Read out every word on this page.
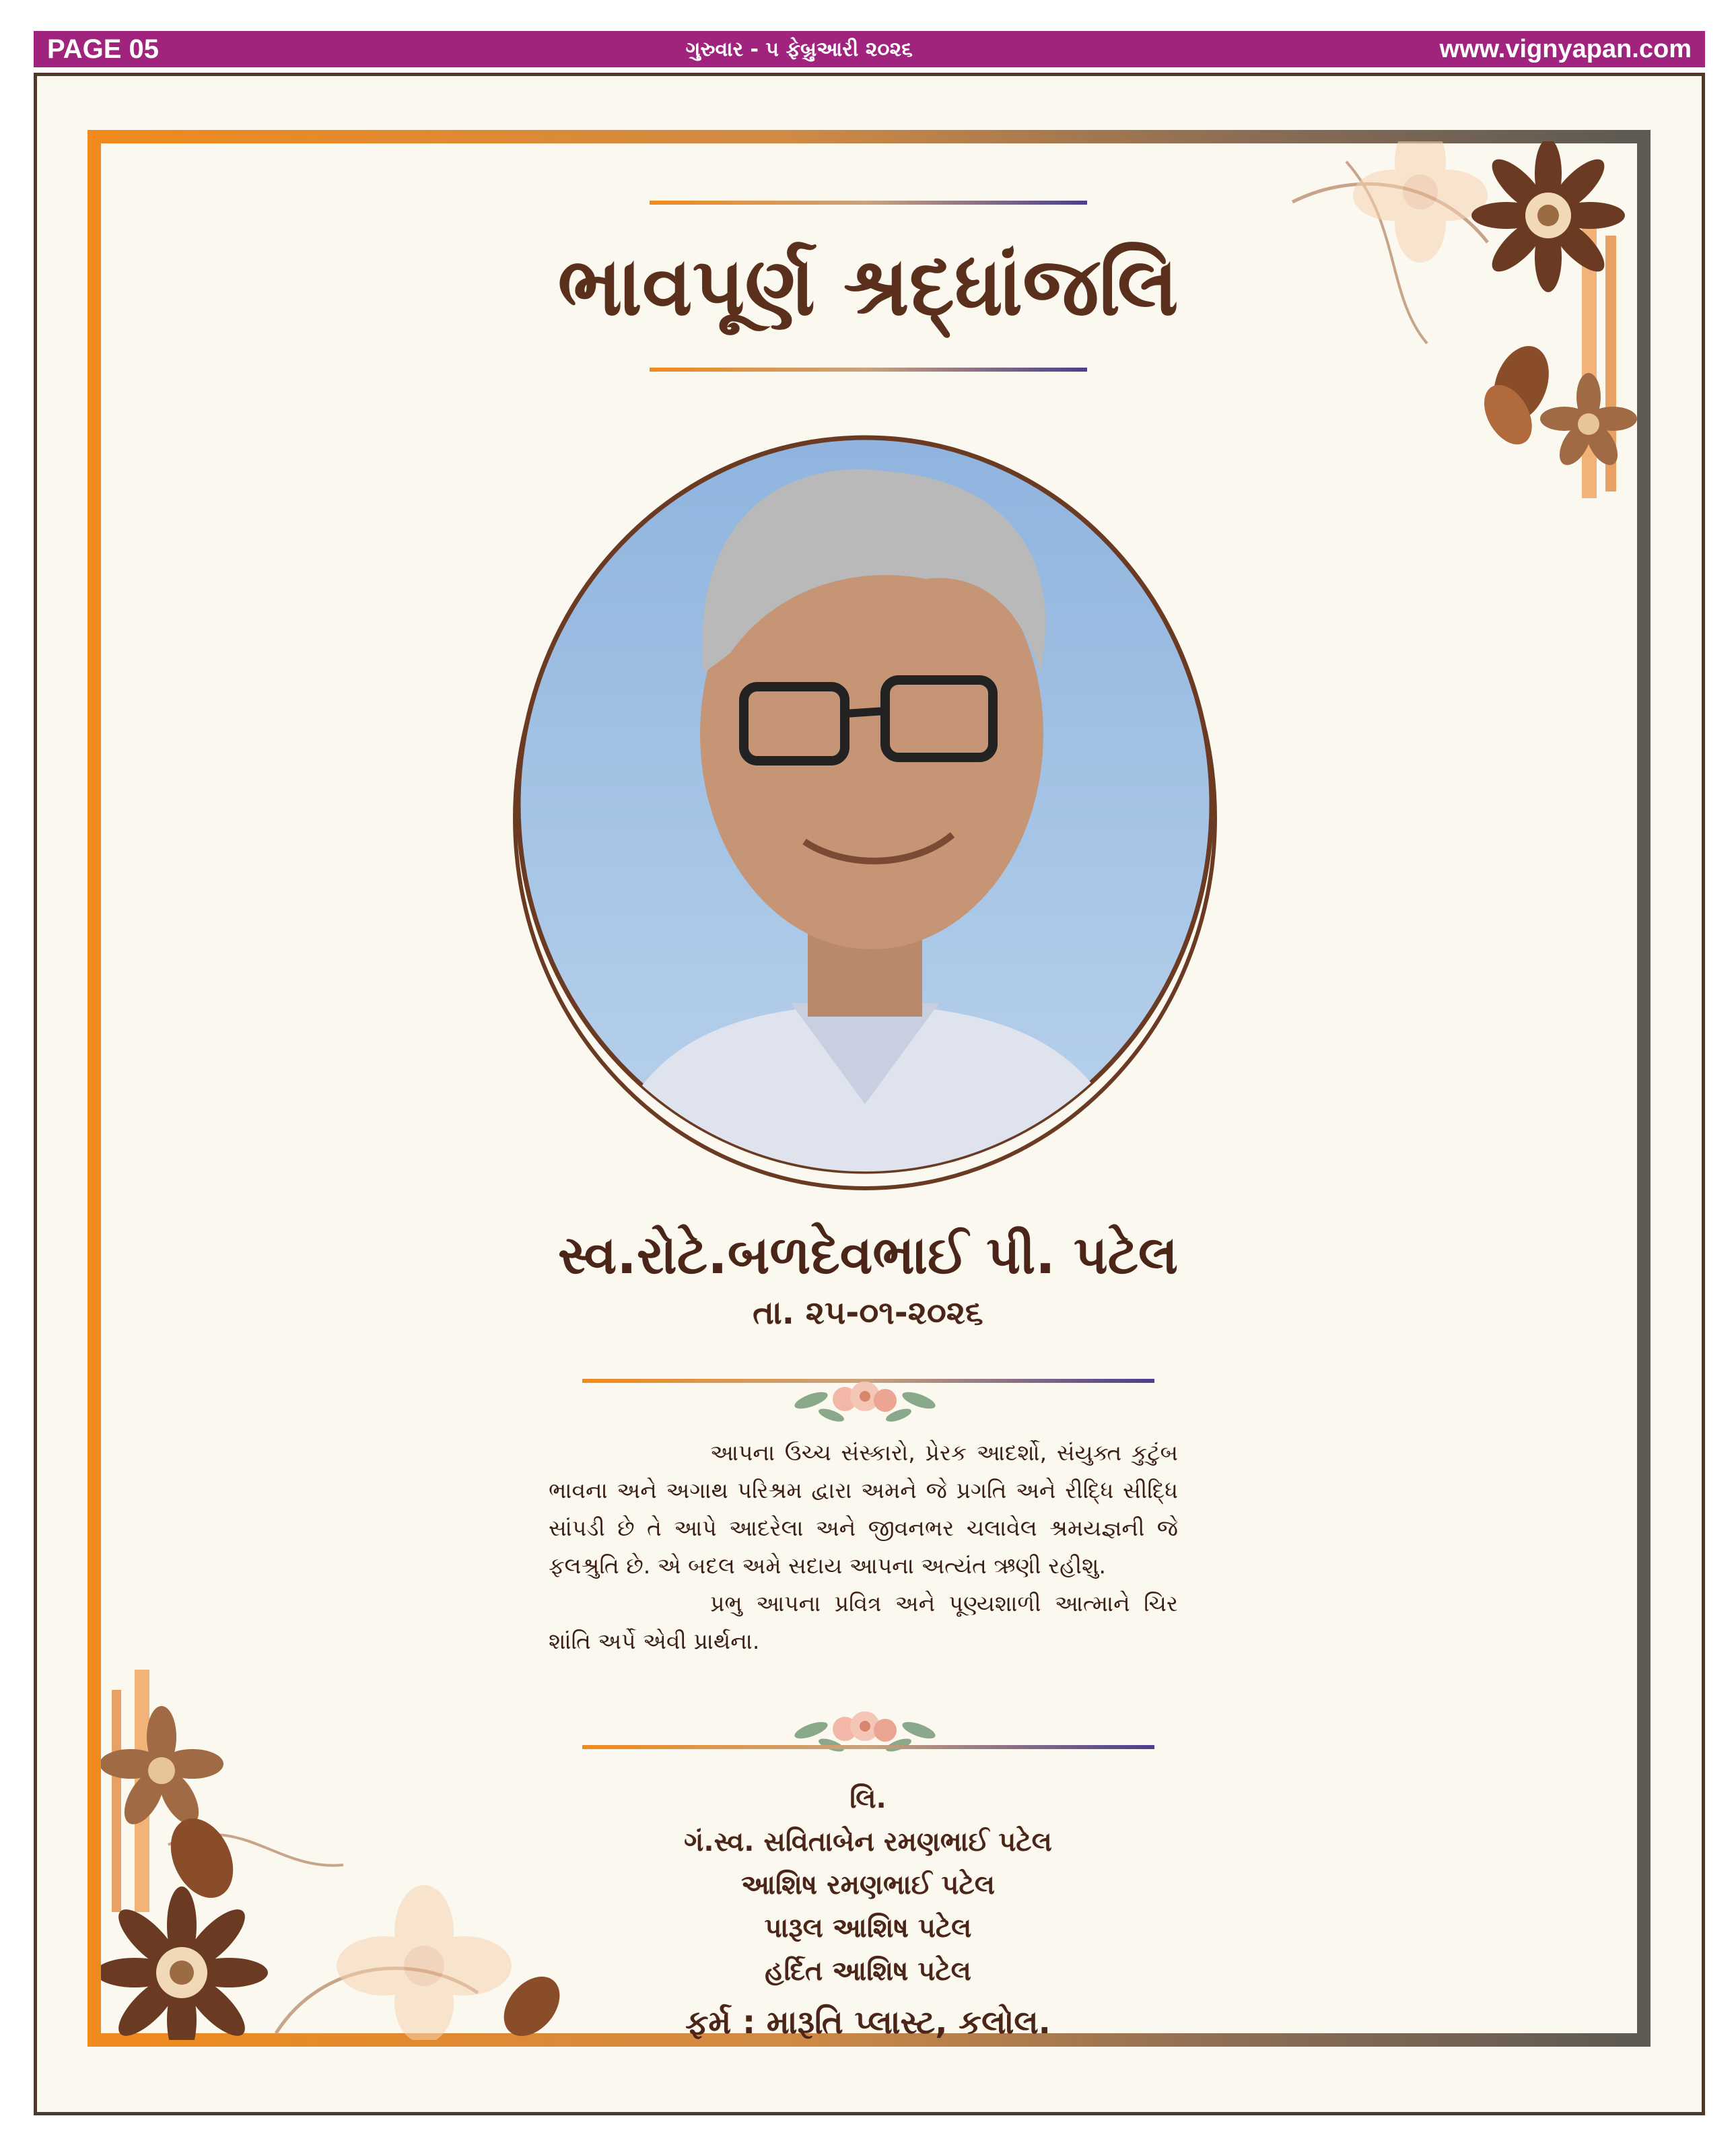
PAGE 05	ગુરુવાર - ૫ ફેબ્રુઆરી ૨૦૨૬	www.vignyapan.com
ભાવપૂર્ણ શ્રદ્ધાંજલિ
સ્વ.રોટે.બળદેવભાઈ પી. પટેલ
તા. ૨૫-૦૧-૨૦૨૬

આપના ઉચ્ચ સંસ્કારો, પ્રેરક આદર્શો, સંયુક્ત કુટુંબ ભાવના અને અગાથ પરિશ્રમ દ્વારા અમને જે પ્રગતિ અને રીદ્ધિ સીદ્ધિ સાંપડી છે તે આપે આદરેલા અને જીવનભર ચલાવેલ શ્રમયજ્ઞની જે ફલશ્રુતિ છે. એ બદલ અમે સદાય આપના અત્યંત ઋણી રહીશુ.

પ્રભુ આપના પ્રવિત્ર અને પૂણ્યશાળી આત્માને ચિર શાંતિ અર્પે એવી પ્રાર્થના.

લિ.
ગં.સ્વ. સવિતાબેન રમણભાઈ પટેલ
આશિષ રમણભાઈ પટેલ
પારૂલ આશિષ પટેલ
હર્દિત આશિષ પટેલ
ફર્મ : મારૂતિ પ્લાસ્ટ, કલોલ.
